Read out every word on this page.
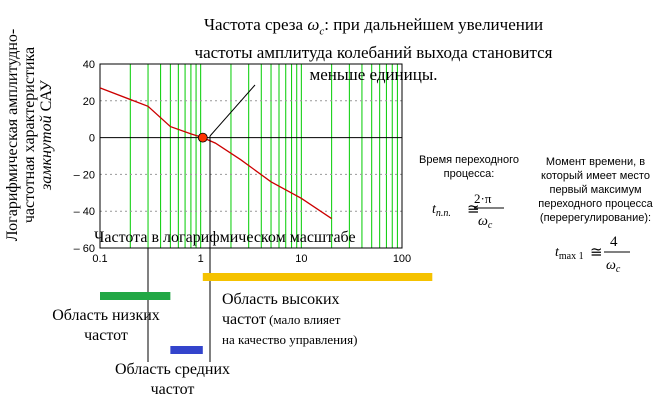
Логарифмическая амплитудно-
частотная характеристика
замкнутой САУ
40
20
0
– 20
– 40
– 60
0.1	1	10	100
$t_{п.п.}$ ≅
2·π
$\omega_c$
$t_{max 1}$ ≅
4
$\omega_c$
Частота среза $\omega_c$: при дальнейшем увеличении частоты амплитуда колебаний выхода становится меньше единицы.
Частота в логарифмическом масштабе
Область низких
частот
Область средних
частот
Область высоких
частот (мало влияет
на качество управления)
Время переходного процесса:
Момент времени, в который имеет место первый максимум переходного процесса (перерегулирование):
